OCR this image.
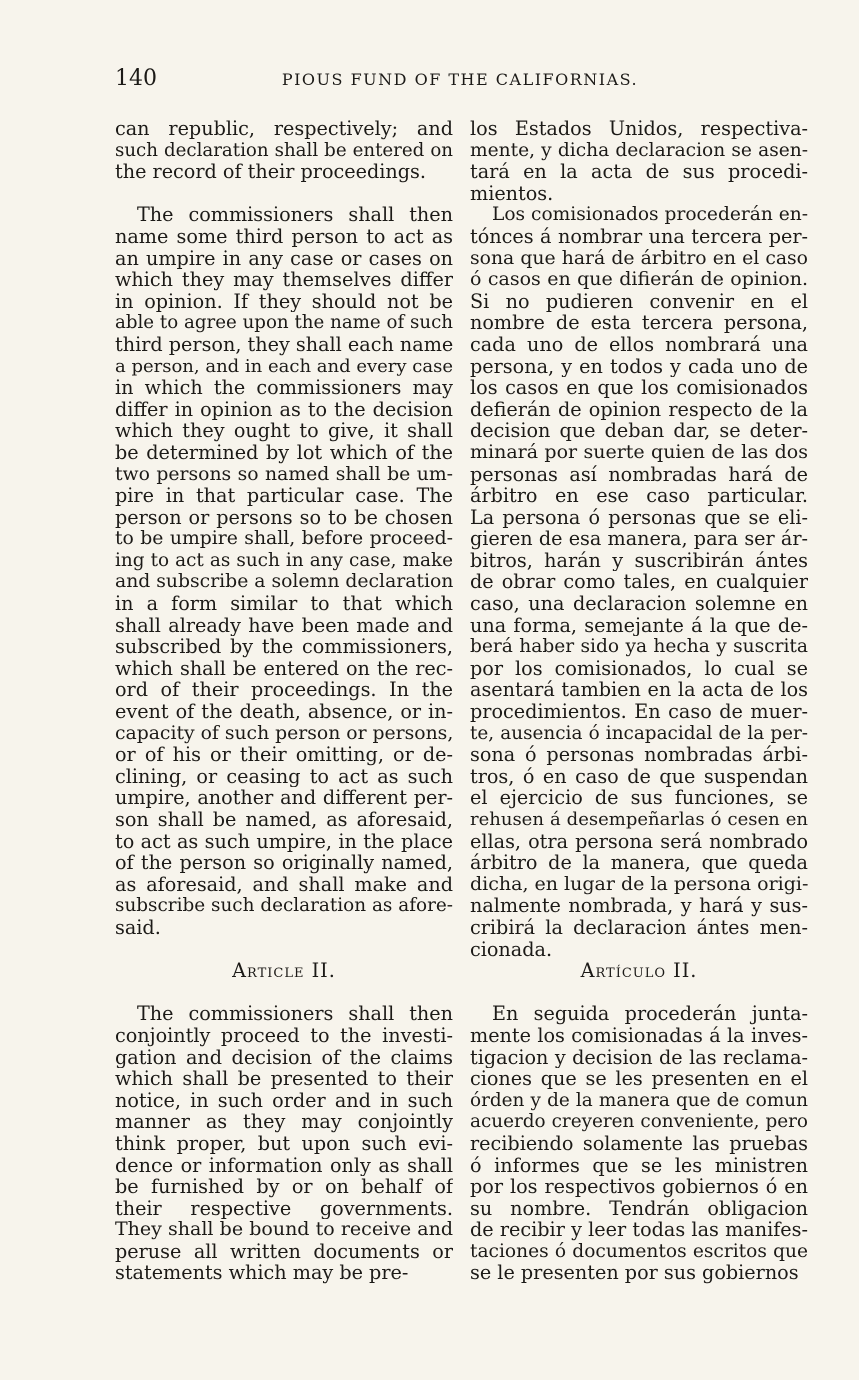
140	PIOUS FUND OF THE CALIFORNIAS.
can republic, respectively; and
such declaration shall be entered on
the record of their proceedings.
The commissioners shall then
name some third person to act as
an umpire in any case or cases on
which they may themselves differ
in opinion. If they should not be
able to agree upon the name of such
third person, they shall each name
a person, and in each and every case
in which the commissioners may
differ in opinion as to the decision
which they ought to give, it shall
be determined by lot which of the
two persons so named shall be um-
pire in that particular case. The
person or persons so to be chosen
to be umpire shall, before proceed-
ing to act as such in any case, make
and subscribe a solemn declaration
in a form similar to that which
shall already have been made and
subscribed by the commissioners,
which shall be entered on the rec-
ord of their proceedings. In the
event of the death, absence, or in-
capacity of such person or persons,
or of his or their omitting, or de-
clining, or ceasing to act as such
umpire, another and different per-
son shall be named, as aforesaid,
to act as such umpire, in the place
of the person so originally named,
as aforesaid, and shall make and
subscribe such declaration as afore-
said.
Article II.
The commissioners shall then
conjointly proceed to the investi-
gation and decision of the claims
which shall be presented to their
notice, in such order and in such
manner as they may conjointly
think proper, but upon such evi-
dence or information only as shall
be furnished by or on behalf of
their respective governments.
They shall be bound to receive and
peruse all written documents or
statements which may be pre-
los Estados Unidos, respectiva-
mente, y dicha declaracion se asen-
tará en la acta de sus procedi-
mientos.
Los comisionados procederán en-
tónces á nombrar una tercera per-
sona que hará de árbitro en el caso
ó casos en que difierán de opinion.
Si no pudieren convenir en el
nombre de esta tercera persona,
cada uno de ellos nombrará una
persona, y en todos y cada uno de
los casos en que los comisionados
defierán de opinion respecto de la
decision que deban dar, se deter-
minará por suerte quien de las dos
personas así nombradas hará de
árbitro en ese caso particular.
La persona ó personas que se eli-
gieren de esa manera, para ser ár-
bitros, harán y suscribirán ántes
de obrar como tales, en cualquier
caso, una declaracion solemne en
una forma, semejante á la que de-
berá haber sido ya hecha y suscrita
por los comisionados, lo cual se
asentará tambien en la acta de los
procedimientos. En caso de muer-
te, ausencia ó incapacidal de la per-
sona ó personas nombradas árbi-
tros, ó en caso de que suspendan
el ejercicio de sus funciones, se
rehusen á desempeñarlas ó cesen en
ellas, otra persona será nombrado
árbitro de la manera, que queda
dicha, en lugar de la persona origi-
nalmente nombrada, y hará y sus-
cribirá la declaracion ántes men-
cionada.
Artículo II.
En seguida procederán junta-
mente los comisionadas á la inves-
tigacion y decision de las reclama-
ciones que se les presenten en el
órden y de la manera que de comun
acuerdo creyeren conveniente, pero
recibiendo solamente las pruebas
ó informes que se les ministren
por los respectivos gobiernos ó en
su nombre. Tendrán obligacion
de recibir y leer todas las manifes-
taciones ó documentos escritos que
se le presenten por sus gobiernos
